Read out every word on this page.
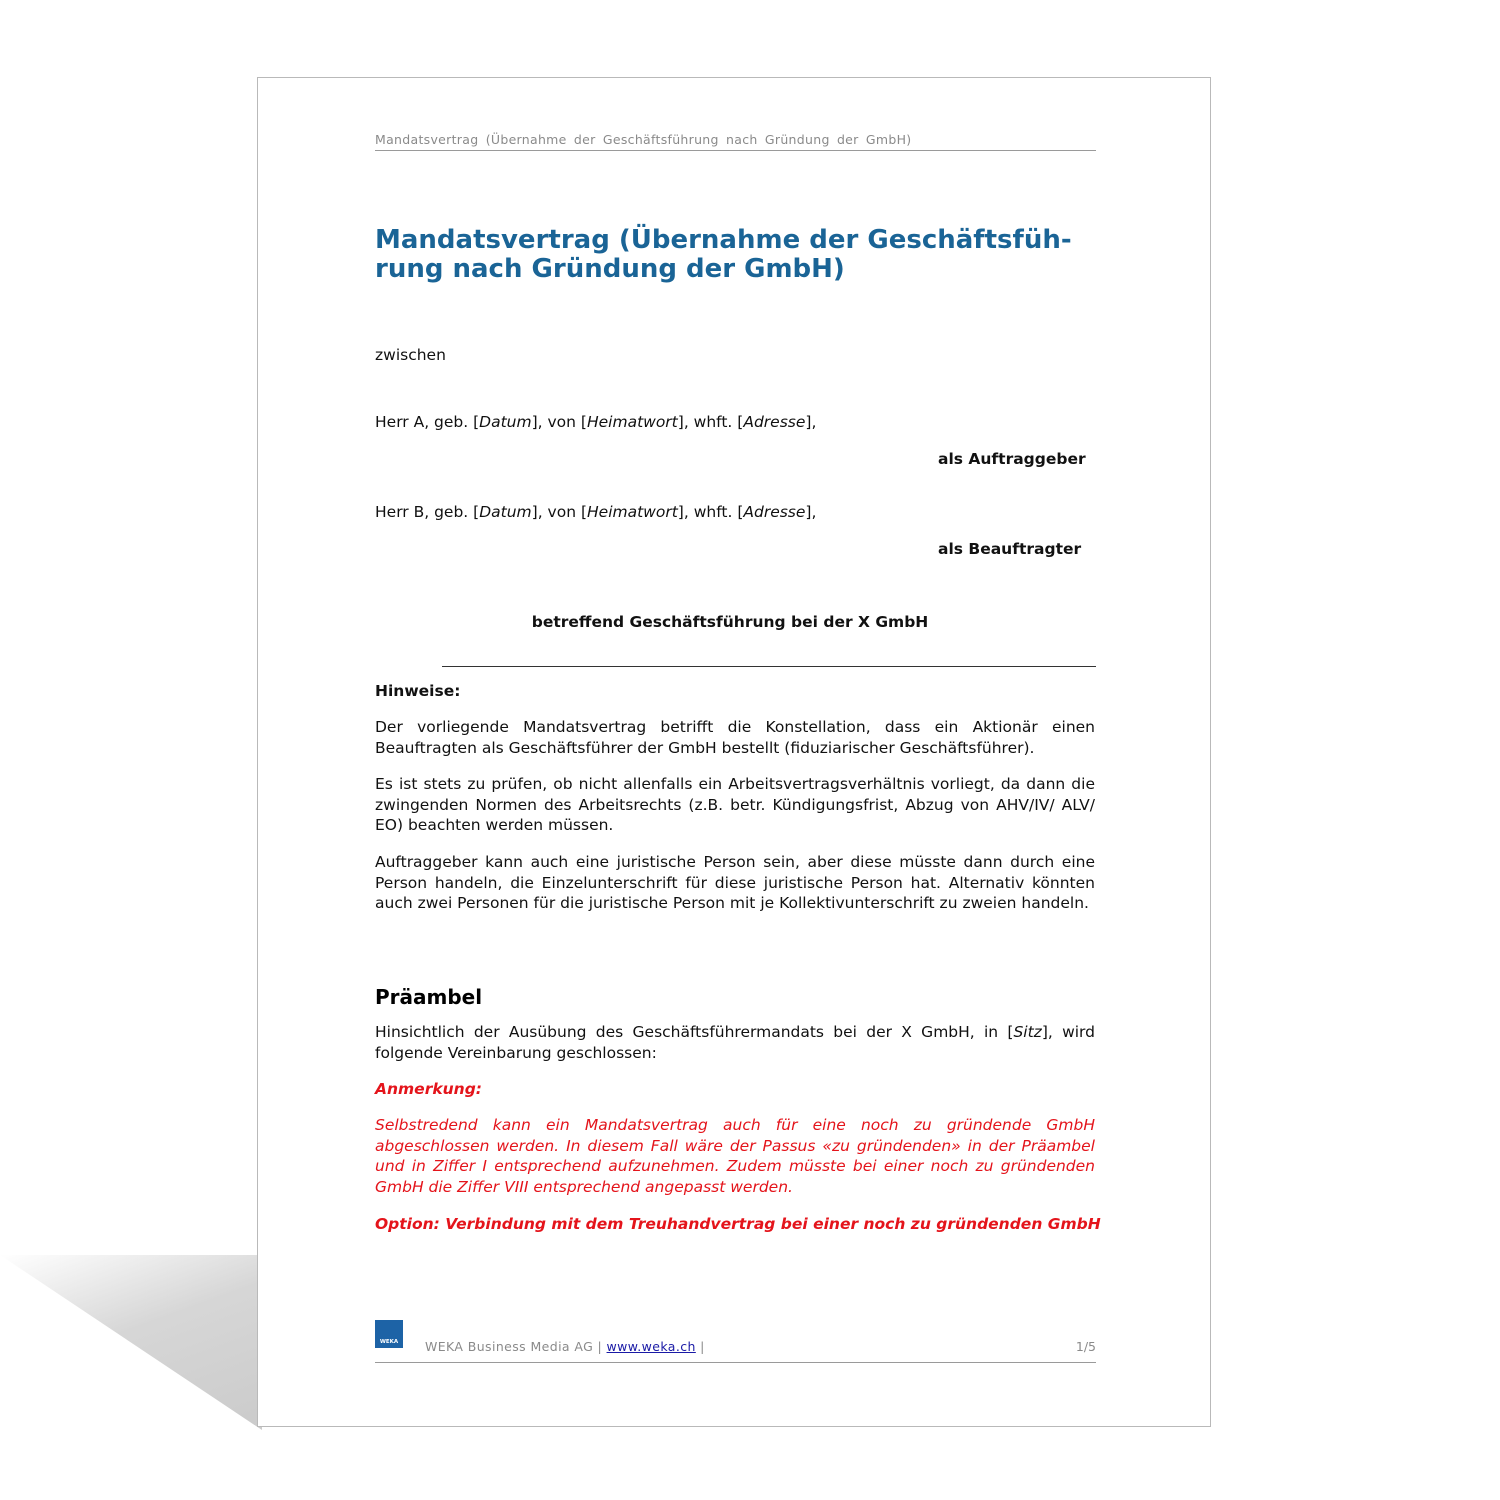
Mandatsvertrag (Übernahme der Geschäftsführung nach Gründung der GmbH)
Mandatsvertrag (Übernahme der Geschäftsfüh-
rung nach Gründung der GmbH)
zwischen
Herr A, geb. [Datum], von [Heimatwort], whft. [Adresse],
als Auftraggeber
Herr B, geb. [Datum], von [Heimatwort], whft. [Adresse],
als Beauftragter
betreffend Geschäftsführung bei der X GmbH
Hinweise:

Der vorliegende Mandatsvertrag betrifft die Konstellation, dass ein Aktionär einen Beauftragten als Geschäftsführer der GmbH bestellt (fiduziarischer Geschäftsführer).

Es ist stets zu prüfen, ob nicht allenfalls ein Arbeitsvertragsverhältnis vorliegt, da dann die zwingenden Normen des Arbeitsrechts (z.B. betr. Kündigungsfrist, Abzug von AHV/IV/ ALV/ EO) beachten werden müssen.

Auftraggeber kann auch eine juristische Person sein, aber diese müsste dann durch eine Person handeln, die Einzelunterschrift für diese juristische Person hat. Alternativ könnten auch zwei Personen für die juristische Person mit je Kollektivunterschrift zu zweien handeln.

Präambel

Hinsichtlich der Ausübung des Geschäftsführermandats bei der X GmbH, in [Sitz], wird folgende Vereinbarung geschlossen:

Anmerkung:

Selbstredend kann ein Mandatsvertrag auch für eine noch zu gründende GmbH abgeschlossen werden. In diesem Fall wäre der Passus «zu gründenden» in der Präambel und in Ziffer I entsprechend aufzunehmen. Zudem müsste bei einer noch zu gründenden GmbH die Ziffer VIII entsprechend angepasst werden.

Option: Verbindung mit dem Treuhandvertrag bei einer noch zu gründenden GmbH
WEKA WEKA Business Media AG | www.weka.ch |	1/5
